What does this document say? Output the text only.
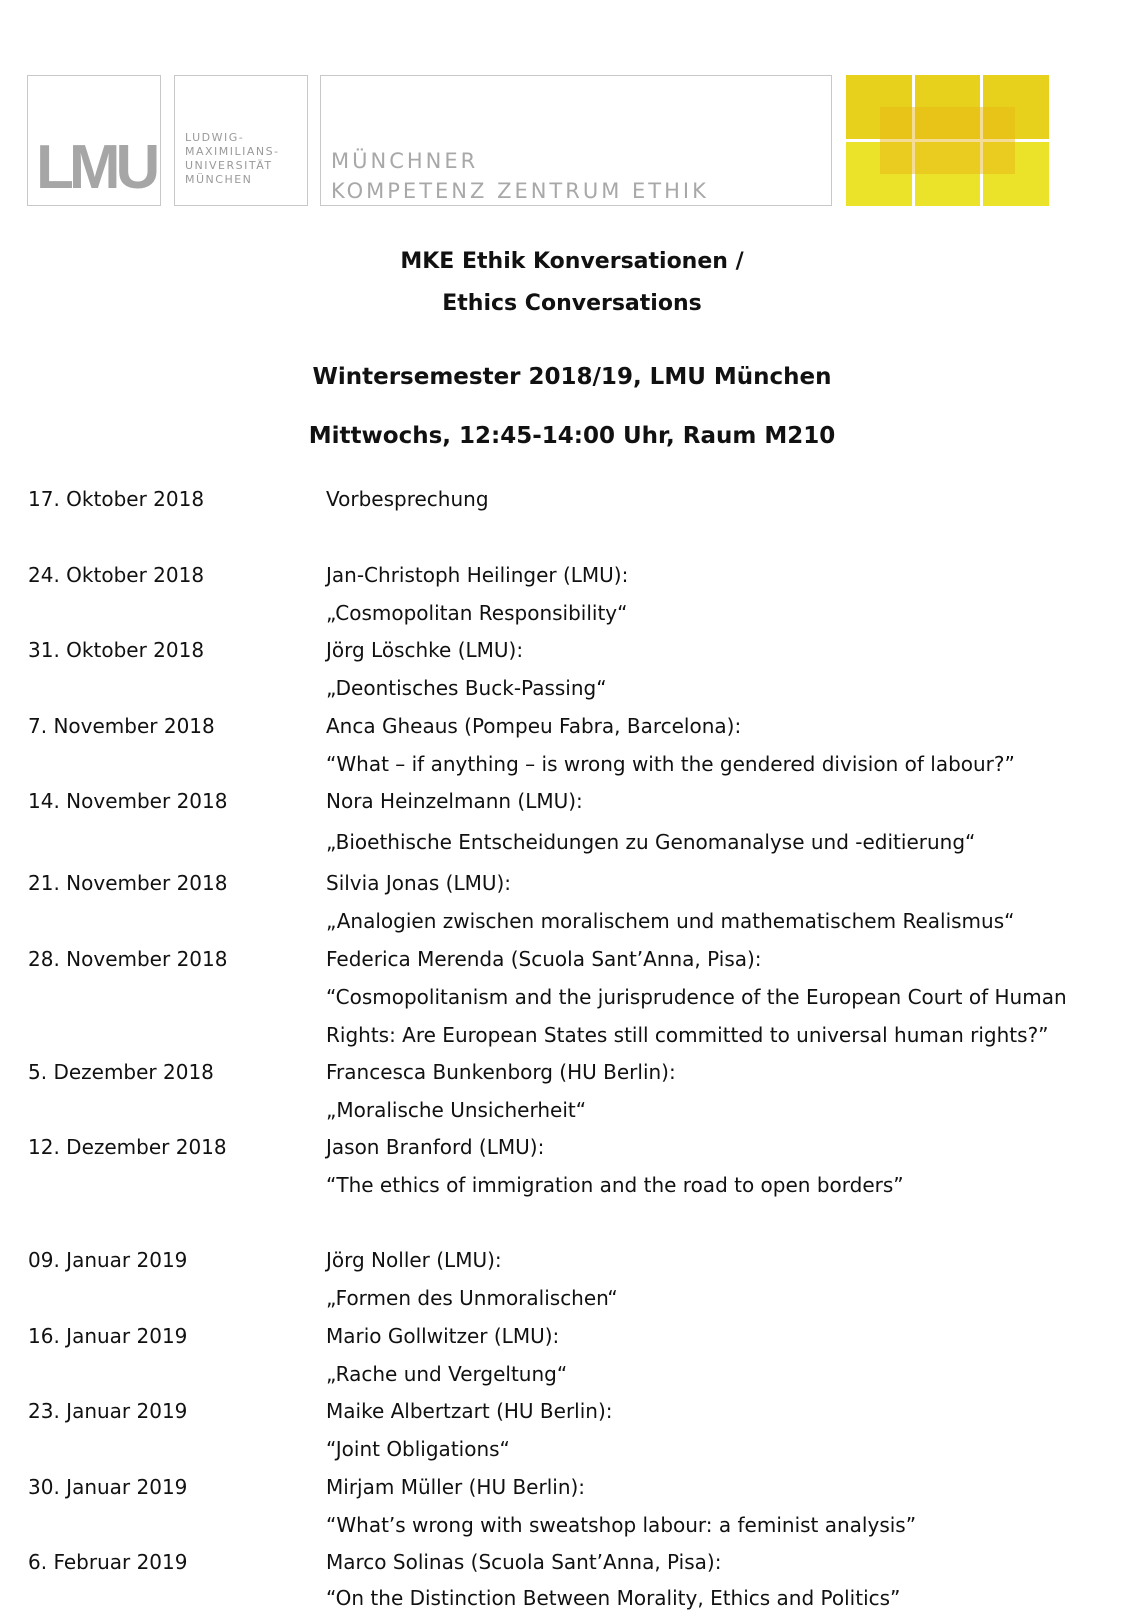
LMU	LUDWIG-
MAXIMILIANS-
UNIVERSITÄT
MÜNCHEN
MÜNCHNER
KOMPETENZ ZENTRUM ETHIK
MKE Ethik Konversationen /
Ethics Conversations
Wintersemester 2018/19, LMU München
Mittwochs, 12:45-14:00 Uhr, Raum M210
17. Oktober 2018	Vorbesprechung
24. Oktober 2018	Jan-Christoph Heilinger (LMU):
„Cosmopolitan Responsibility“
31. Oktober 2018	Jörg Löschke (LMU):
„Deontisches Buck-Passing“
7. November 2018	Anca Gheaus (Pompeu Fabra, Barcelona):
“What – if anything – is wrong with the gendered division of labour?”
14. November 2018	Nora Heinzelmann (LMU):
„Bioethische Entscheidungen zu Genomanalyse und -editierung“
21. November 2018	Silvia Jonas (LMU):
„Analogien zwischen moralischem und mathematischem Realismus“
28. November 2018	Federica Merenda (Scuola Sant’Anna, Pisa):
“Cosmopolitanism and the jurisprudence of the European Court of Human
Rights: Are European States still committed to universal human rights?”
5. Dezember 2018	Francesca Bunkenborg (HU Berlin):
„Moralische Unsicherheit“
12. Dezember 2018	Jason Branford (LMU):
“The ethics of immigration and the road to open borders”
09. Januar 2019	Jörg Noller (LMU):
„Formen des Unmoralischen“
16. Januar 2019	Mario Gollwitzer (LMU):
„Rache und Vergeltung“
23. Januar 2019	Maike Albertzart (HU Berlin):
“Joint Obligations“
30. Januar 2019	Mirjam Müller (HU Berlin):
“What’s wrong with sweatshop labour: a feminist analysis”
6. Februar 2019	Marco Solinas (Scuola Sant’Anna, Pisa):
“On the Distinction Between Morality, Ethics and Politics”
